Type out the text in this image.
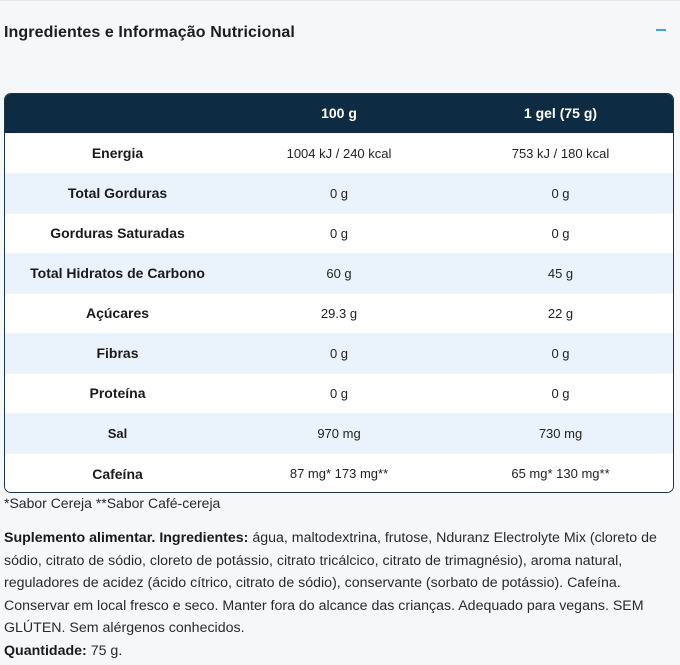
Ingredientes e Informação Nutricional
	100 g	1 gel (75 g)
Energia	1004 kJ / 240 kcal	753 kJ / 180 kcal
Total Gorduras	0 g	0 g
Gorduras Saturadas	0 g	0 g
Total Hidratos de Carbono	60 g	45 g
Açúcares	29.3 g	22 g
Fibras	0 g	0 g
Proteína	0 g	0 g
Sal	970 mg	730 mg
Cafeína	87 mg* 173 mg**	65 mg* 130 mg**

*Sabor Cereja **Sabor Café-cereja

Suplemento alimentar. Ingredientes: água, maltodextrina, frutose, Nduranz Electrolyte Mix (cloreto de sódio, citrato de sódio, cloreto de potássio, citrato tricálcico, citrato de trimagnésio), aroma natural, reguladores de acidez (ácido cítrico, citrato de sódio), conservante (sorbato de potássio). Cafeína. Conservar em local fresco e seco. Manter fora do alcance das crianças. Adequado para vegans. SEM GLÚTEN. Sem alérgenos conhecidos.
Quantidade: 75 g.
